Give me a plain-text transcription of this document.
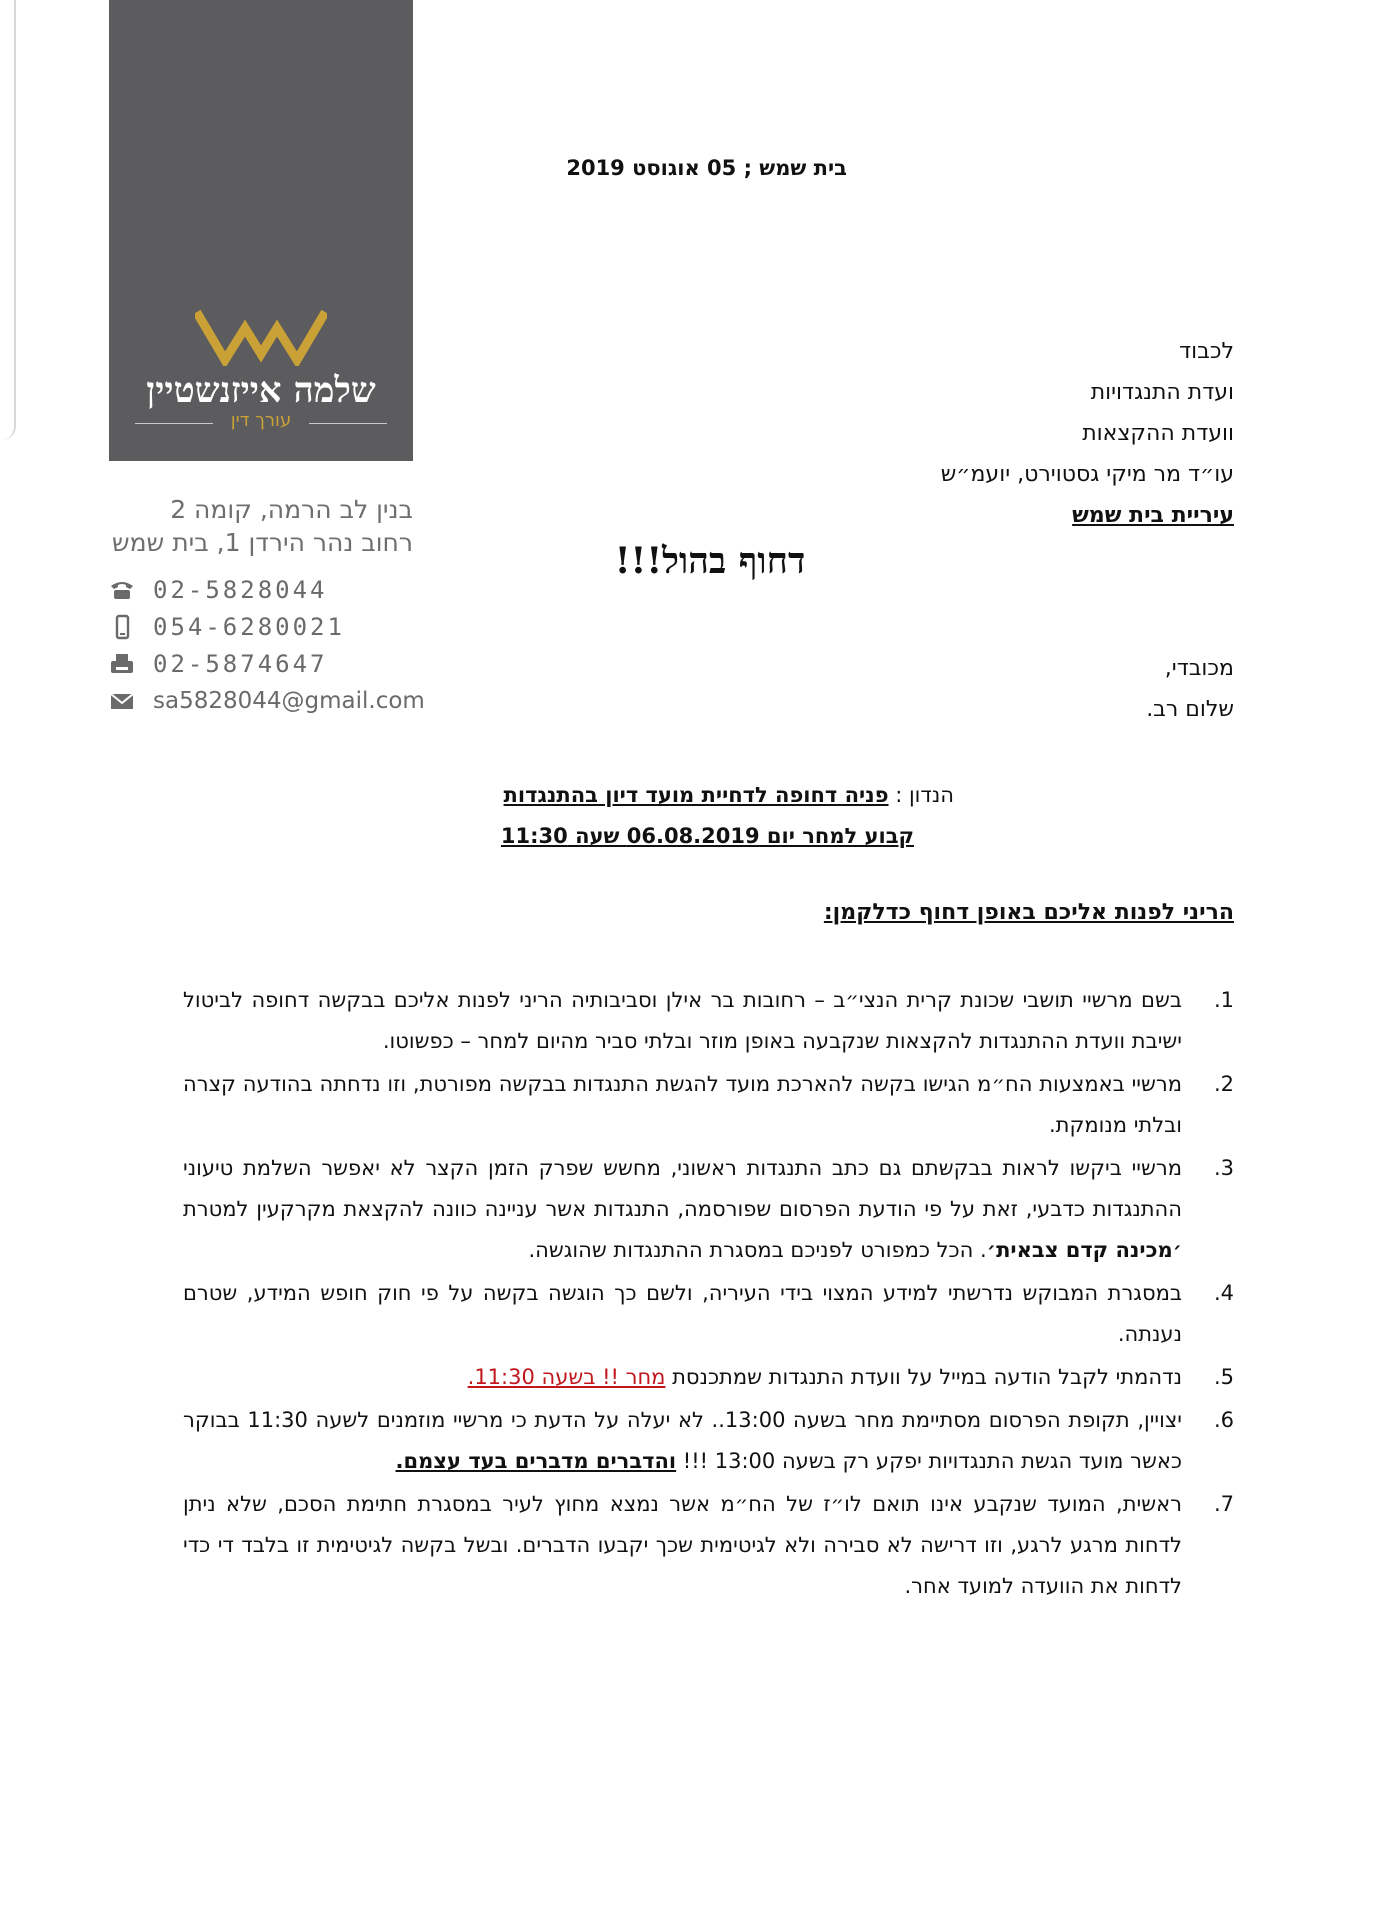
שלמה אייזנשטיין
עורך דין
בנין לב הרמה, קומה 2
רחוב נהר הירדן 1, בית שמש
02-5828044
054-6280021
02-5874647
sa5828044@gmail.com
בית שמש ; 05 אוגוסט 2019
לכבוד
ועדת התנגדויות
וועדת ההקצאות
עו״ד מר מיקי גסטוירט, יועמ״ש
עיריית בית שמש
דחוף בהול!!!
מכובדי,
שלום רב.
הנדון : פניה דחופה לדחיית מועד דיון בהתנגדות
קבוע למחר יום 06.08.2019 שעה 11:30
הריני לפנות אליכם באופן דחוף כדלקמן:
1.
בשם מרשיי תושבי שכונת קרית הנצי״ב – רחובות בר אילן וסביבותיה הריני לפנות אליכם בבקשה דחופה לביטול ישיבת וועדת ההתנגדות להקצאות שנקבעה באופן מוזר ובלתי סביר מהיום למחר – כפשוטו.
2.
מרשיי באמצעות הח״מ הגישו בקשה להארכת מועד להגשת התנגדות בבקשה מפורטת, וזו נדחתה בהודעה קצרה ובלתי מנומקת.
3.
מרשיי ביקשו לראות בבקשתם גם כתב התנגדות ראשוני, מחשש שפרק הזמן הקצר לא יאפשר השלמת טיעוני ההתנגדות כדבעי, זאת על פי הודעת הפרסום שפורסמה, התנגדות אשר עניינה כוונה להקצאת מקרקעין למטרת ׳מכינה קדם צבאית׳. הכל כמפורט לפניכם במסגרת ההתנגדות שהוגשה.
4.
במסגרת המבוקש נדרשתי למידע המצוי בידי העיריה, ולשם כך הוגשה בקשה על פי חוק חופש המידע, שטרם נענתה.
5.
נדהמתי לקבל הודעה במייל על וועדת התנגדות שמתכנסת מחר !! בשעה 11:30.
6.
יצויין, תקופת הפרסום מסתיימת מחר בשעה 13:00.. לא יעלה על הדעת כי מרשיי מוזמנים לשעה 11:30 בבוקר כאשר מועד הגשת התנגדויות יפקע רק בשעה 13:00 !!! והדברים מדברים בעד עצמם.
7.
ראשית, המועד שנקבע אינו תואם לו״ז של הח״מ אשר נמצא מחוץ לעיר במסגרת חתימת הסכם, שלא ניתן לדחות מרגע לרגע, וזו דרישה לא סבירה ולא לגיטימית שכך יקבעו הדברים. ובשל בקשה לגיטימית זו בלבד די כדי לדחות את הוועדה למועד אחר.
